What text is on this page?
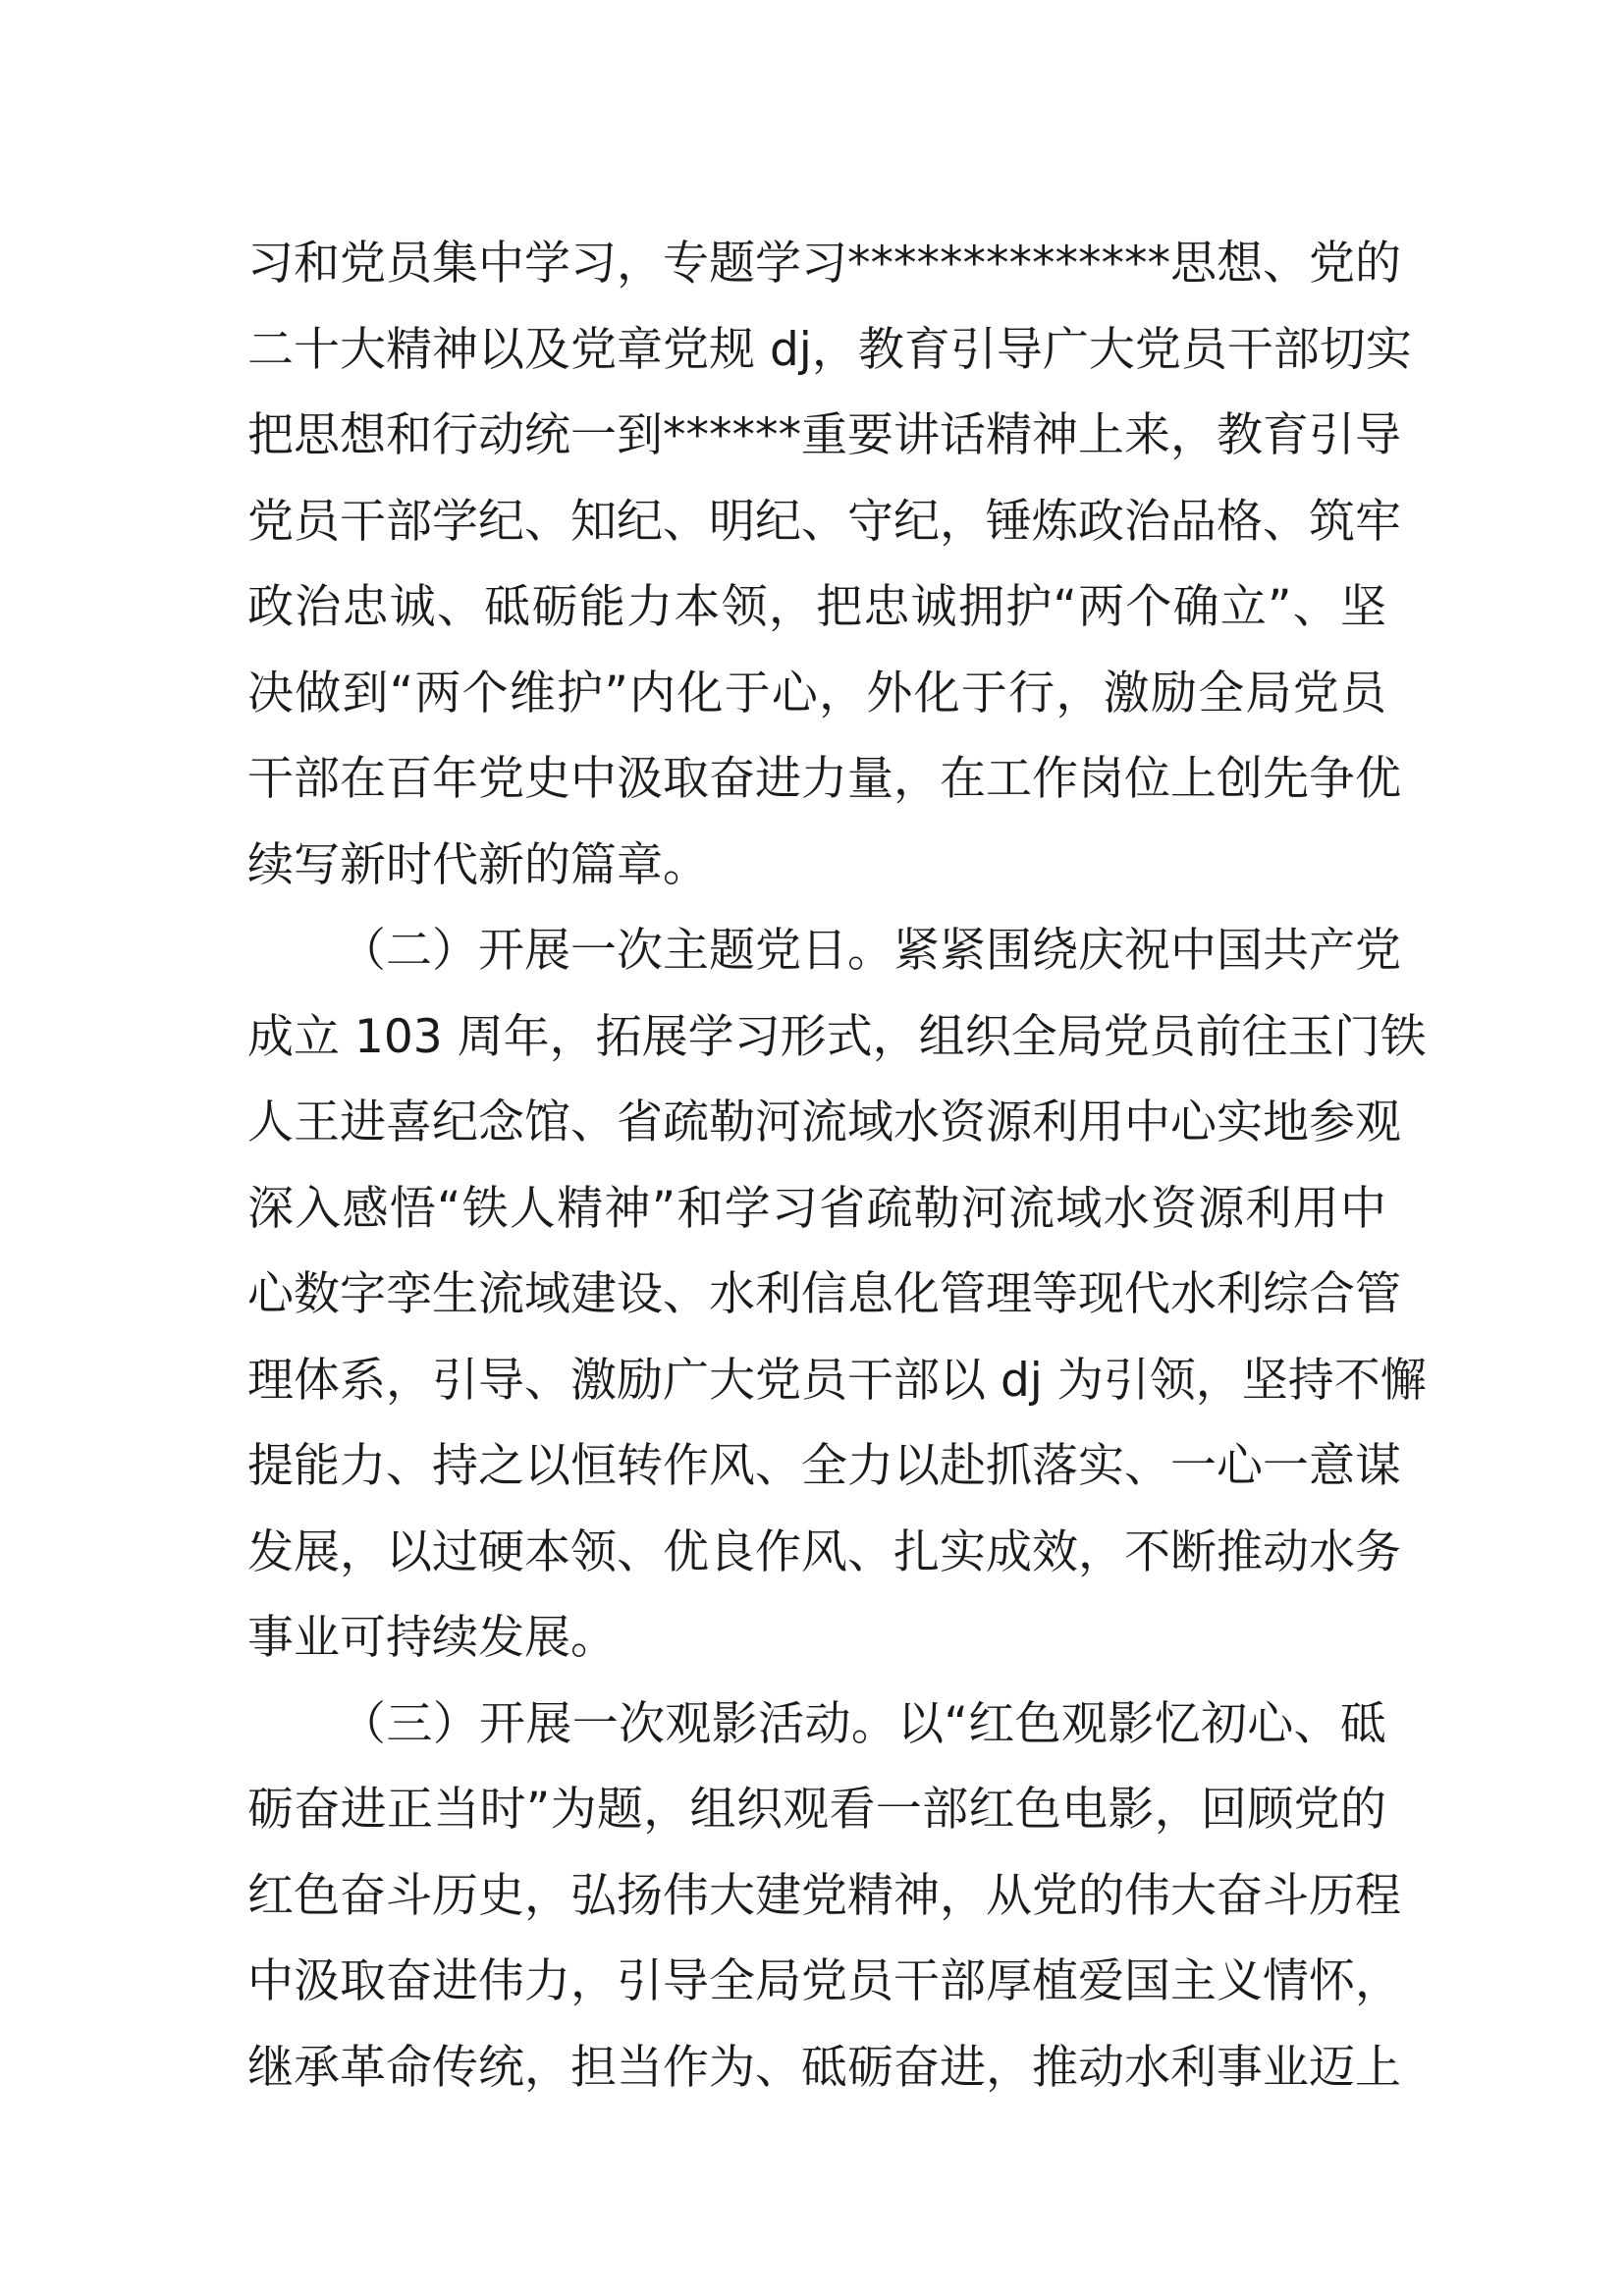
习和党员集中学习，专题学习**************思想、党的
二十大精神以及党章党规 dj，教育引导广大党员干部切实
把思想和行动统一到******重要讲话精神上来，教育引导
党员干部学纪、知纪、明纪、守纪，锤炼政治品格、筑牢
政治忠诚、砥砺能力本领，把忠诚拥护“两个确立”、坚
决做到“两个维护”内化于心，外化于行，激励全局党员
干部在百年党史中汲取奋进力量，在工作岗位上创先争优
续写新时代新的篇章。
（二）开展一次主题党日。紧紧围绕庆祝中国共产党
成立 103 周年，拓展学习形式，组织全局党员前往玉门铁
人王进喜纪念馆、省疏勒河流域水资源利用中心实地参观
深入感悟“铁人精神”和学习省疏勒河流域水资源利用中
心数字孪生流域建设、水利信息化管理等现代水利综合管
理体系，引导、激励广大党员干部以 dj 为引领，坚持不懈
提能力、持之以恒转作风、全力以赴抓落实、一心一意谋
发展，以过硬本领、优良作风、扎实成效，不断推动水务
事业可持续发展。
（三）开展一次观影活动。以“红色观影忆初心、砥
砺奋进正当时”为题，组织观看一部红色电影，回顾党的
红色奋斗历史，弘扬伟大建党精神，从党的伟大奋斗历程
中汲取奋进伟力，引导全局党员干部厚植爱国主义情怀，
继承革命传统，担当作为、砥砺奋进，推动水利事业迈上
